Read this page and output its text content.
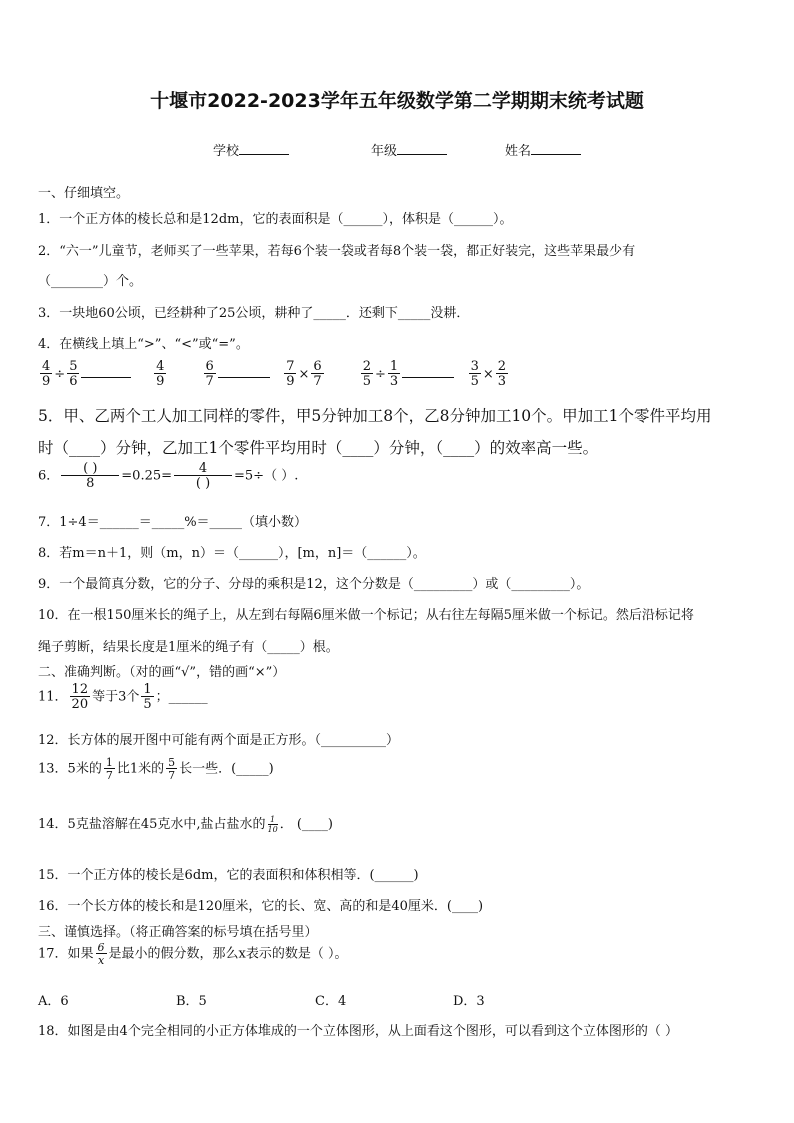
十堰市2022-2023学年五年级数学第二学期期末统考试题
学校	年级	姓名
一、仔细填空。
1．一个正方体的棱长总和是12dm，它的表面积是（______），体积是（______）。
2．“六一”儿童节，老师买了一些苹果，若每6个装一袋或者每8个装一袋，都正好装完，这些苹果最少有
（________）个。
3．一块地60公顷，已经耕种了25公顷，耕种了_____．还剩下_____没耕．
4．在横线上填上“>”、“<”或“=”。
$\frac{4}{9} \div \frac{5}{6}$
	$\frac{4}{9}$
	$\frac{6}{7}$
	$\frac{7}{9} \times \frac{6}{7}$
	$\frac{2}{5} \div \frac{1}{3}$
	$\frac{3}{5} \times \frac{2}{3}$
5．甲、乙两个工人加工同样的零件，甲5分钟加工8个，乙8分钟加工10个。甲加工1个零件平均用
时（____）分钟，乙加工1个零件平均用时（____）分钟，（____）的效率高一些。
6． $\frac{( )}{8} =0.25= \frac{4}{( )} =5\div$（ ）.
7．1÷4＝______＝_____%＝_____（填小数）
8．若m＝n＋1，则（m，n）＝（______），[m，n]＝（______）。
9．一个最简真分数，它的分子、分母的乘积是12，这个分数是（_________）或（_________）。
10．在一根150厘米长的绳子上，从左到右每隔6厘米做一个标记；从右往左每隔5厘米做一个标记。然后沿标记将
绳子剪断，结果长度是1厘米的绳子有（_____）根。
二、准确判断。（对的画“√”，错的画“×”）
11． $\frac{12}{20}$ 等于3个 $\frac{1}{5}$ ；______
12．长方体的展开图中可能有两个面是正方形。（__________）
13．5米的 $\frac{1}{7}$ 比1米的 $\frac{5}{7}$ 长一些．(_____)
14．5克盐溶解在45克水中,盐占盐水的 $\frac{1}{10}$ ． (____)
15．一个正方体的棱长是6dm，它的表面积和体积相等．(______)
16．一个长方体的棱长和是120厘米，它的长、宽、高的和是40厘米．(____)
三、谨慎选择。（将正确答案的标号填在括号里）
17．如果 $\frac{6}{x}$ 是最小的假分数，那么x表示的数是（ ）。
A．6	B．5	C．4	D．3
18．如图是由4个完全相同的小正方体堆成的一个立体图形，从上面看这个图形，可以看到这个立体图形的（ ）
